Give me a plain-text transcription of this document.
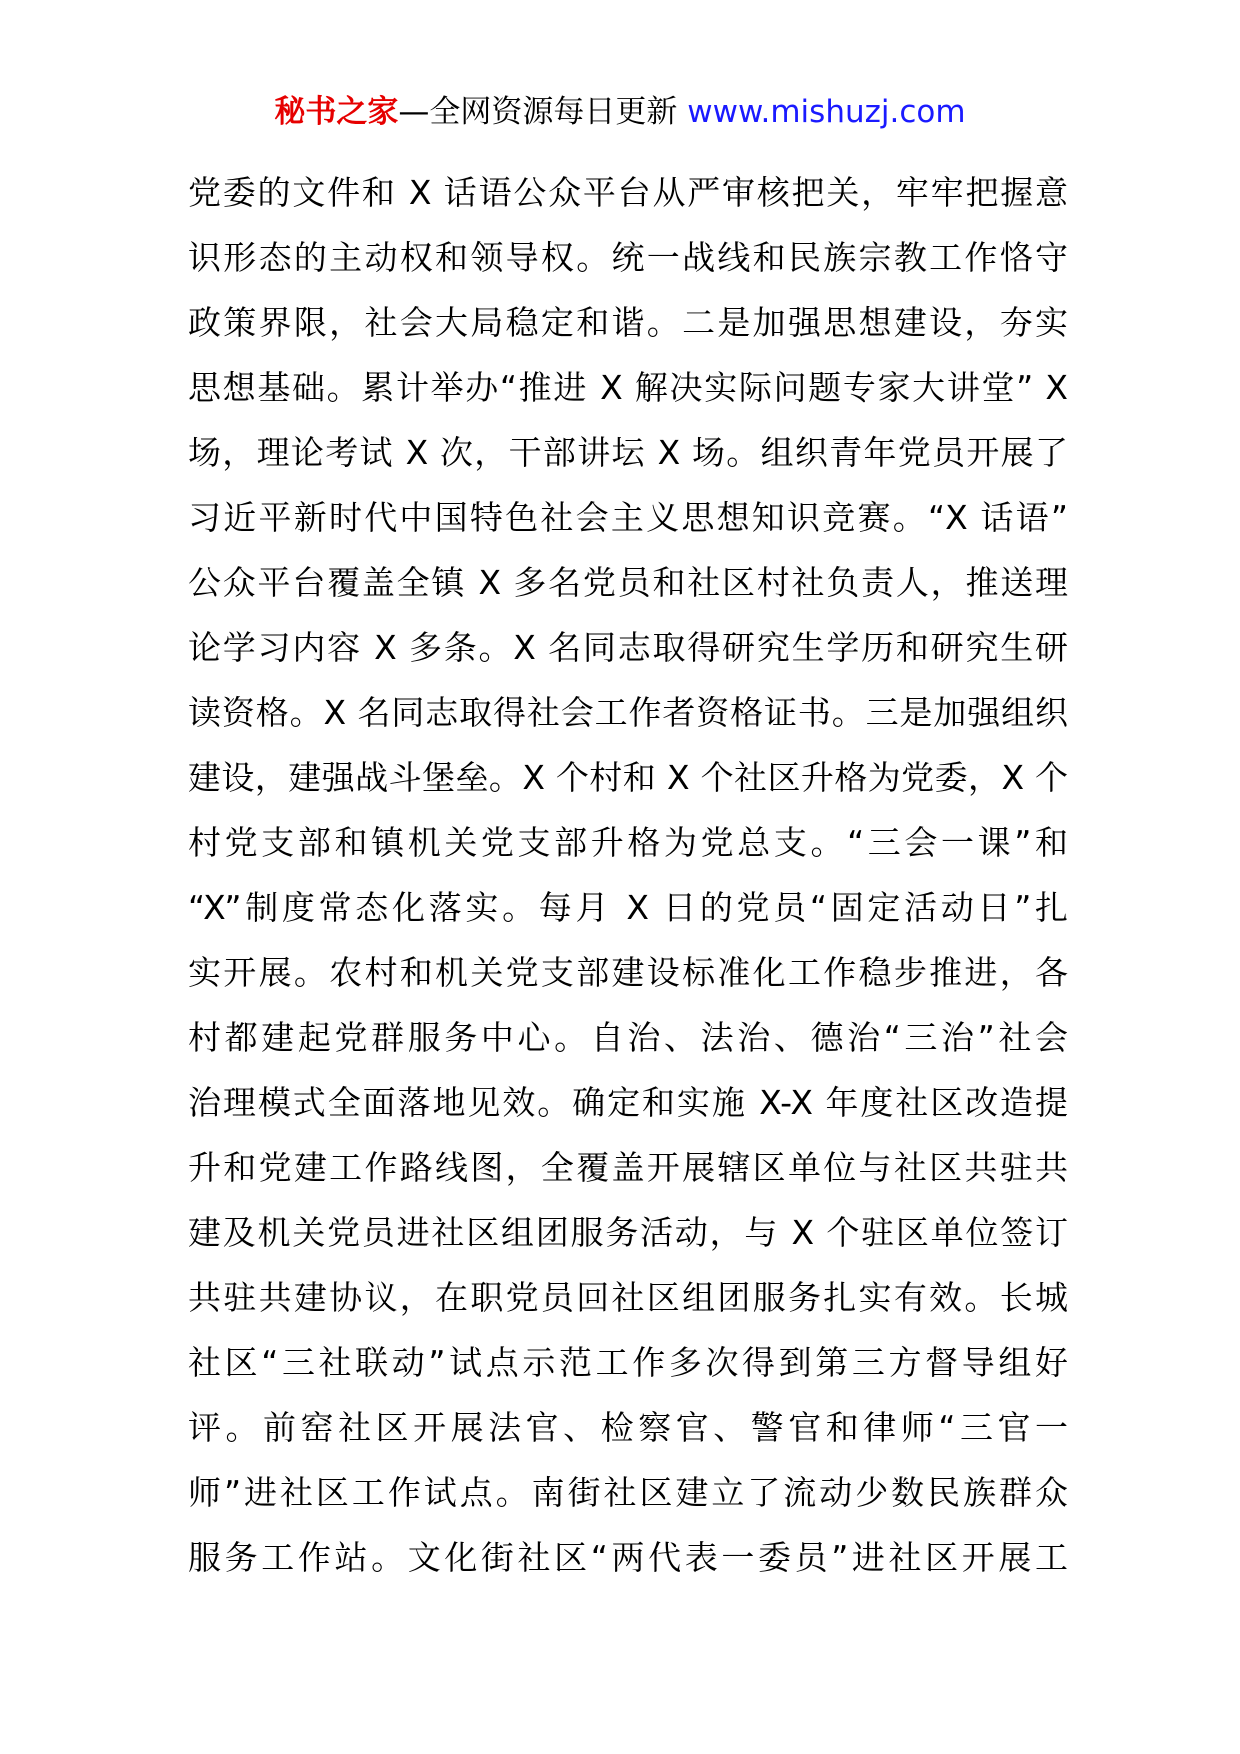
秘书之家—全网资源每日更新 www.mishuzj.com
党委的文件和 X 话语公众平台从严审核把关，牢牢把握意
识形态的主动权和领导权。统一战线和民族宗教工作恪守
政策界限，社会大局稳定和谐。二是加强思想建设，夯实
思想基础。累计举办“推进 X 解决实际问题专家大讲堂” X
场，理论考试 X 次，干部讲坛 X 场。组织青年党员开展了
习近平新时代中国特色社会主义思想知识竞赛。“X 话语”
公众平台覆盖全镇 X 多名党员和社区村社负责人，推送理
论学习内容 X 多条。X 名同志取得研究生学历和研究生研
读资格。X 名同志取得社会工作者资格证书。三是加强组织
建设，建强战斗堡垒。X 个村和 X 个社区升格为党委，X 个
村党支部和镇机关党支部升格为党总支。“三会一课”和
“X”制度常态化落实。每月 X 日的党员“固定活动日”扎
实开展。农村和机关党支部建设标准化工作稳步推进，各
村都建起党群服务中心。自治、法治、德治“三治”社会
治理模式全面落地见效。确定和实施 X-X 年度社区改造提
升和党建工作路线图，全覆盖开展辖区单位与社区共驻共
建及机关党员进社区组团服务活动，与 X 个驻区单位签订
共驻共建协议，在职党员回社区组团服务扎实有效。长城
社区“三社联动”试点示范工作多次得到第三方督导组好
评。前窑社区开展法官、检察官、警官和律师“三官一
师”进社区工作试点。南街社区建立了流动少数民族群众
服务工作站。文化街社区“两代表一委员”进社区开展工
